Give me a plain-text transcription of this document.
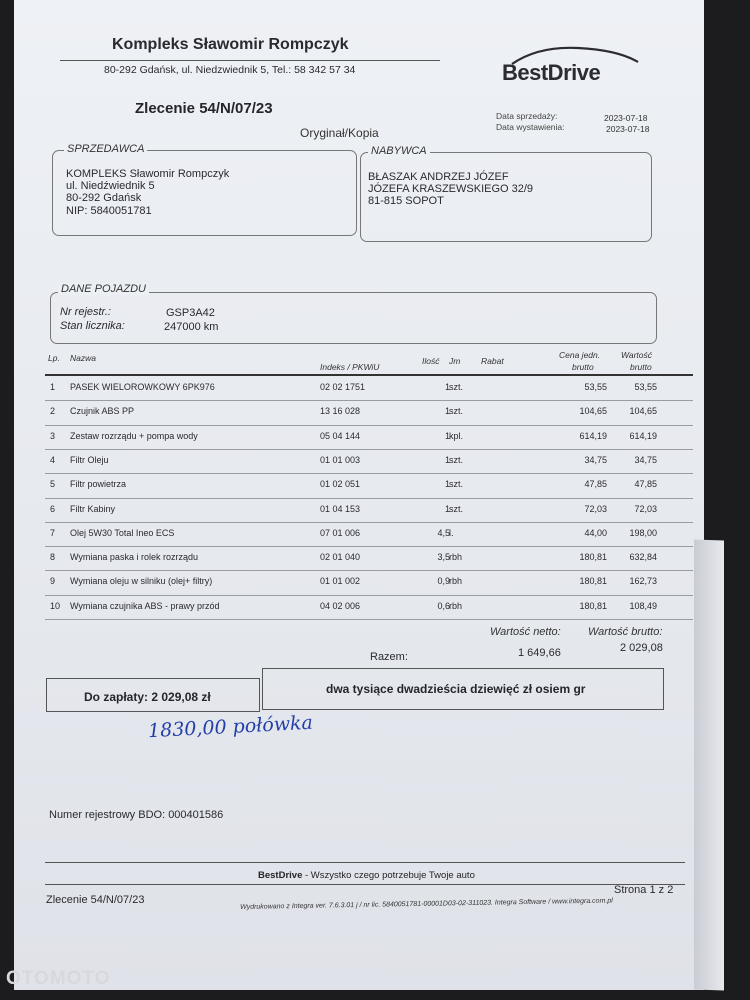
Kompleks Sławomir Rompczyk
80-292 Gdańsk, ul. Niedzwiednik 5, Tel.: 58 342 57 34	BestDrive
Zlecenie 54/N/07/23	Data sprzedaży:	2023-07-18
Data wystawienia:	2023-07-18
Oryginał/Kopia
SPRZEDAWCA
KOMPLEKS Sławomir Rompczyk
ul. Niedźwiednik 5
80-292 Gdańsk
NIP: 5840051781
NABYWCA
BŁASZAK ANDRZEJ JÓZEF
JÓZEFA KRASZEWSKIEGO 32/9
81-815 SOPOT
DANE POJAZDU
Nr rejestr.:	GSP3A42
Stan licznika:	247000 km
Lp. Nazwa
Indeks / PKWiU
Ilość Jm Rabat
Cena jedn.
brutto
Wartość
brutto
1 PASEK WIELOROWKOWY 6PK976	02 02 1751	1 szt.	53,55	53,55
2 Czujnik ABS PP	13 16 028	1 szt.	104,65	104,65
3 Zestaw rozrządu + pompa wody	05 04 144	1 kpl.	614,19	614,19
4 Filtr Oleju	01 01 003	1 szt.	34,75	34,75
5 Filtr powietrza	01 02 051	1 szt.	47,85	47,85
6 Filtr Kabiny	01 04 153	1 szt.	72,03	72,03
7 Olej 5W30 Total Ineo ECS	07 01 006	4,5 l.	44,00	198,00
8 Wymiana paska i rolek rozrządu	02 01 040	3,5 rbh	180,81	632,84
9 Wymiana oleju w silniku (olej+ filtry)	01 01 002	0,9 rbh	180,81	162,73
10 Wymiana czujnika ABS - prawy przód	04 02 006	0,6 rbh	180,81	108,49
Wartość netto: Wartość brutto:
Razem:	1 649,66	2 029,08
Do zapłaty: 2 029,08 zł
dwa tysiące dwadzieścia dziewięć zł osiem gr
1830,00 połówka
Numer rejestrowy BDO: 000401586
BestDrive - Wszystko czego potrzebuje Twoje auto
Zlecenie 54/N/07/23
Strona 1 z 2
Wydrukowano z Integra ver. 7.6.3.01 j / nr lic. 5840051781-00001D03-02-311023. Integra Software / www.integra.com.pl
OTOMOTO
